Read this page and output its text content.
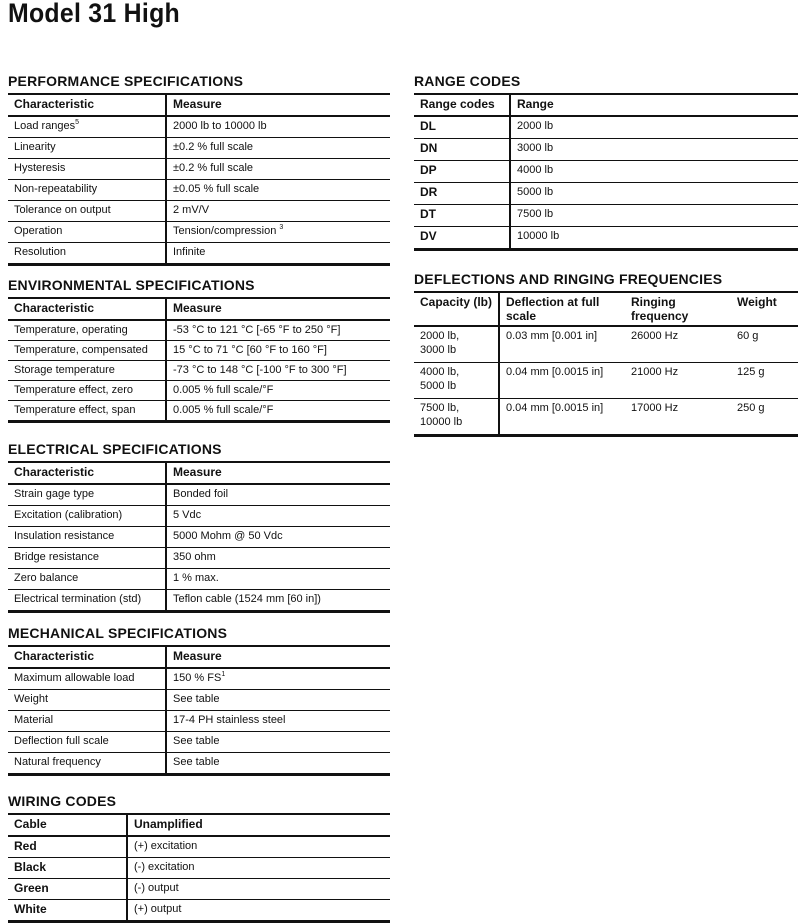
Model 31 High
PERFORMANCE SPECIFICATIONS
Characteristic	Measure
Load ranges$^5$	2000 lb to 10000 lb
Linearity	±0.2 % full scale
Hysteresis	±0.2 % full scale
Non-repeatability	±0.05 % full scale
Tolerance on output	2 mV/V
Operation	Tension/compression $^3$
Resolution	Infinite
ENVIRONMENTAL SPECIFICATIONS
Characteristic	Measure
Temperature, operating	-53 °C to 121 °C [-65 °F to 250 °F]
Temperature, compensated	15 °C to 71 °C [60 °F to 160 °F]
Storage temperature	-73 °C to 148 °C [-100 °F to 300 °F]
Temperature effect, zero	0.005 % full scale/°F
Temperature effect, span	0.005 % full scale/°F
ELECTRICAL SPECIFICATIONS
Characteristic	Measure
Strain gage type	Bonded foil
Excitation (calibration)	5 Vdc
Insulation resistance	5000 Mohm @ 50 Vdc
Bridge resistance	350 ohm
Zero balance	1 % max.
Electrical termination (std)	Teflon cable (1524 mm [60 in])
MECHANICAL SPECIFICATIONS
Characteristic	Measure
Maximum allowable load	150 % $FS^1$
Weight	See table
Material	17-4 PH stainless steel
Deflection full scale	See table
Natural frequency	See table
WIRING CODES
Cable	Unamplified
Red	(+) excitation
Black	(-) excitation
Green	(-) output
White	(+) output
RANGE CODES
Range codes	Range
DL	2000 lb
DN	3000 lb
DP	4000 lb
DR	5000 lb
DT	7500 lb
DV	10000 lb
DEFLECTIONS AND RINGING FREQUENCIES
Capacity (lb)	Deflection at full scale	Ringing frequency	Weight
2000 lb,
3000 lb	0.03 mm [0.001 in]	26000 Hz	60 g
4000 lb,
5000 lb	0.04 mm [0.0015 in]	21000 Hz	125 g
7500 lb,
10000 lb	0.04 mm [0.0015 in]	17000 Hz	250 g
